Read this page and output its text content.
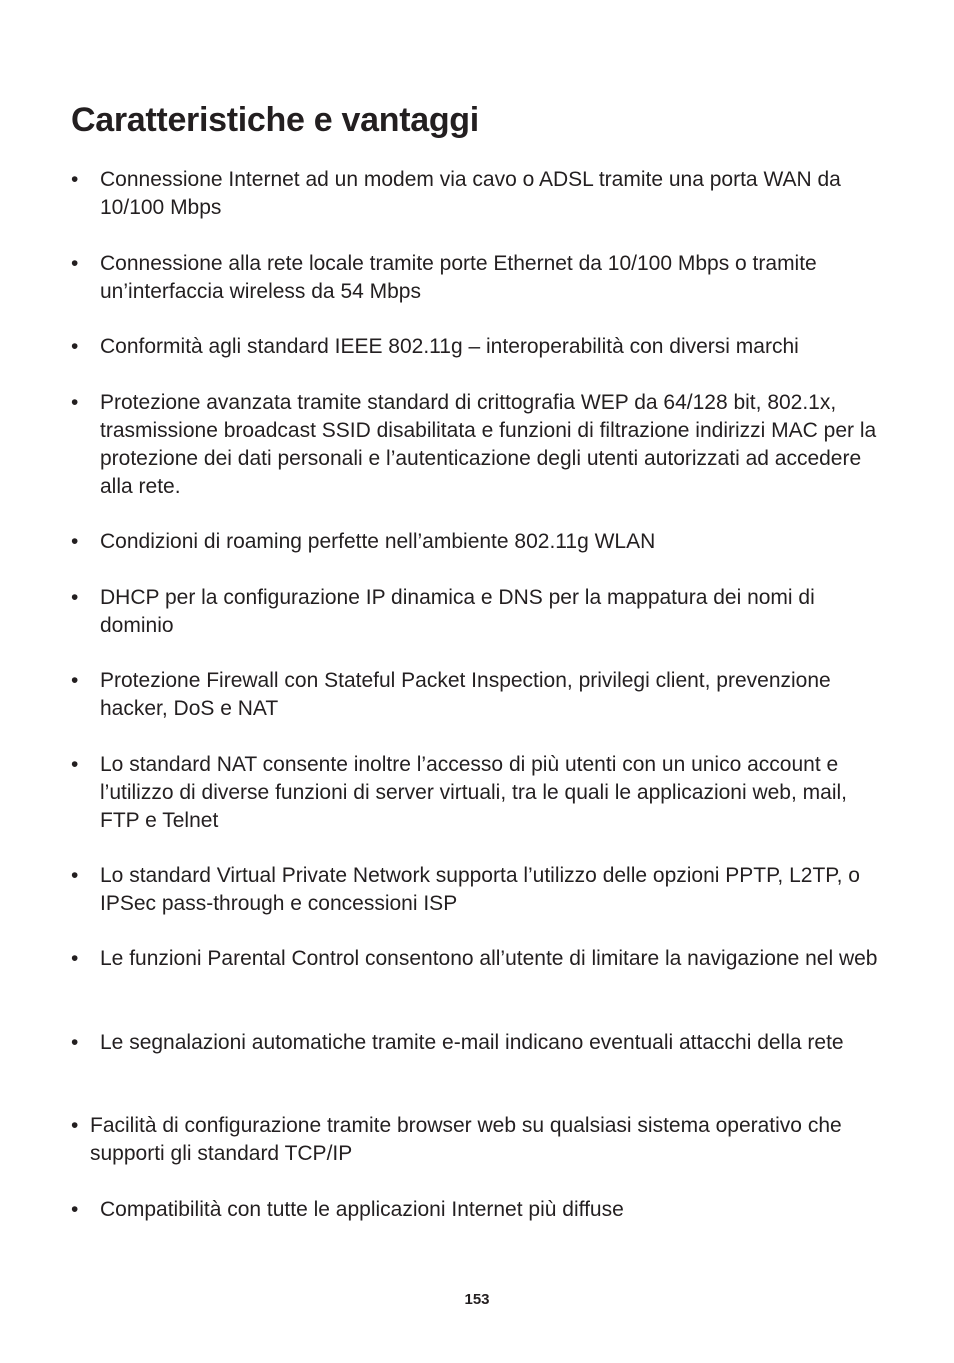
Caratteristiche e vantaggi
• Connessione Internet ad un modem via cavo o ADSL tramite una porta WAN da 10/100 Mbps
• Connessione alla rete locale tramite porte Ethernet da 10/100 Mbps o tramite un’interfaccia wireless da 54 Mbps
• Conformità agli standard IEEE 802.11g – interoperabilità con diversi marchi
• Protezione avanzata tramite standard di crittografia WEP da 64/128 bit, 802.1x, trasmissione broadcast SSID disabilitata e funzioni di filtrazione indirizzi MAC per la protezione dei dati personali e l’autenticazione degli utenti autorizzati ad accedere alla rete.
• Condizioni di roaming perfette nell’ambiente 802.11g WLAN
• DHCP per la configurazione IP dinamica e DNS per la mappatura dei nomi di dominio
• Protezione Firewall con Stateful Packet Inspection, privilegi client, prevenzione hacker, DoS e NAT
• Lo standard NAT consente inoltre l’accesso di più utenti con un unico account e l’utilizzo di diverse funzioni di server virtuali, tra le quali le applicazioni web, mail, FTP e Telnet
• Lo standard Virtual Private Network supporta l’utilizzo delle opzioni PPTP, L2TP, o IPSec pass-through e concessioni ISP
• Le funzioni Parental Control consentono all’utente di limitare la navigazione nel web
• Le segnalazioni automatiche tramite e-mail indicano eventuali attacchi della rete
• Facilità di configurazione tramite browser web su qualsiasi sistema operativo che supporti gli standard TCP/IP
• Compatibilità con tutte le applicazioni Internet più diffuse
153
